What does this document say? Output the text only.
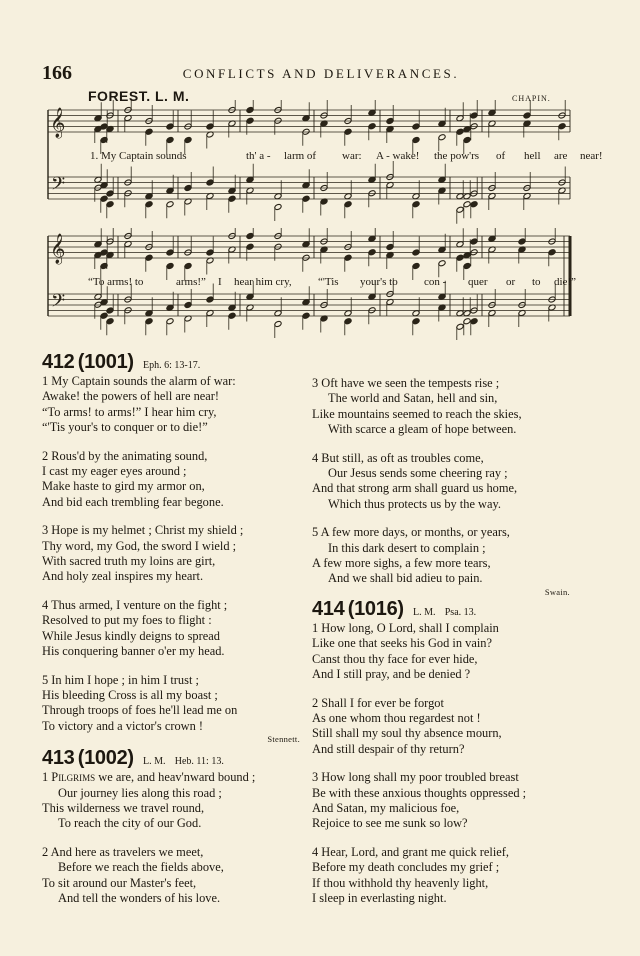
166	CONFLICTS AND DELIVERANCES.
FOREST. L. M.	CHAPIN.
𝄞
𝄢
1. My Captain sounds	th' a - larm of war: A - wake! the pow'rs of hell are near!
𝄞
𝄢
“To arms! to	arms!” I hear him cry, “'Tis your's to con - quer or to die!”
412 (1001) Eph. 6: 13-17.
1 My Captain sounds the alarm of war:
Awake! the powers of hell are near!
“To arms! to arms!” I hear him cry,
“'Tis your's to conquer or to die!”
2 Rous'd by the animating sound,
I cast my eager eyes around ;
Make haste to gird my armor on,
And bid each trembling fear begone.
3 Hope is my helmet ; Christ my shield ;
Thy word, my God, the sword I wield ;
With sacred truth my loins are girt,
And holy zeal inspires my heart.
4 Thus armed, I venture on the fight ;
Resolved to put my foes to flight :
While Jesus kindly deigns to spread
His conquering banner o'er my head.
5 In him I hope ; in him I trust ;
His bleeding Cross is all my boast ;
Through troops of foes he'll lead me on
To victory and a victor's crown !
Stennett.
413 (1002) L. M. Heb. 11: 13.
1 Pilgrims we are, and heav'nward bound ;
Our journey lies along this road ;
This wilderness we travel round,
To reach the city of our God.
2 And here as travelers we meet,
Before we reach the fields above,
To sit around our Master's feet,
And tell the wonders of his love.
3 Oft have we seen the tempests rise ;
The world and Satan, hell and sin,
Like mountains seemed to reach the skies,
With scarce a gleam of hope between.
4 But still, as oft as troubles come,
Our Jesus sends some cheering ray ;
And that strong arm shall guard us home,
Which thus protects us by the way.
5 A few more days, or months, or years,
In this dark desert to complain ;
A few more sighs, a few more tears,
And we shall bid adieu to pain.
Swain.
414 (1016) L. M. Psa. 13.
1 How long, O Lord, shall I complain
Like one that seeks his God in vain?
Canst thou thy face for ever hide,
And I still pray, and be denied ?
2 Shall I for ever be forgot
As one whom thou regardest not !
Still shall my soul thy absence mourn,
And still despair of thy return?
3 How long shall my poor troubled breast
Be with these anxious thoughts oppressed ;
And Satan, my malicious foe,
Rejoice to see me sunk so low?
4 Hear, Lord, and grant me quick relief,
Before my death concludes my grief ;
If thou withhold thy heavenly light,
I sleep in everlasting night.
